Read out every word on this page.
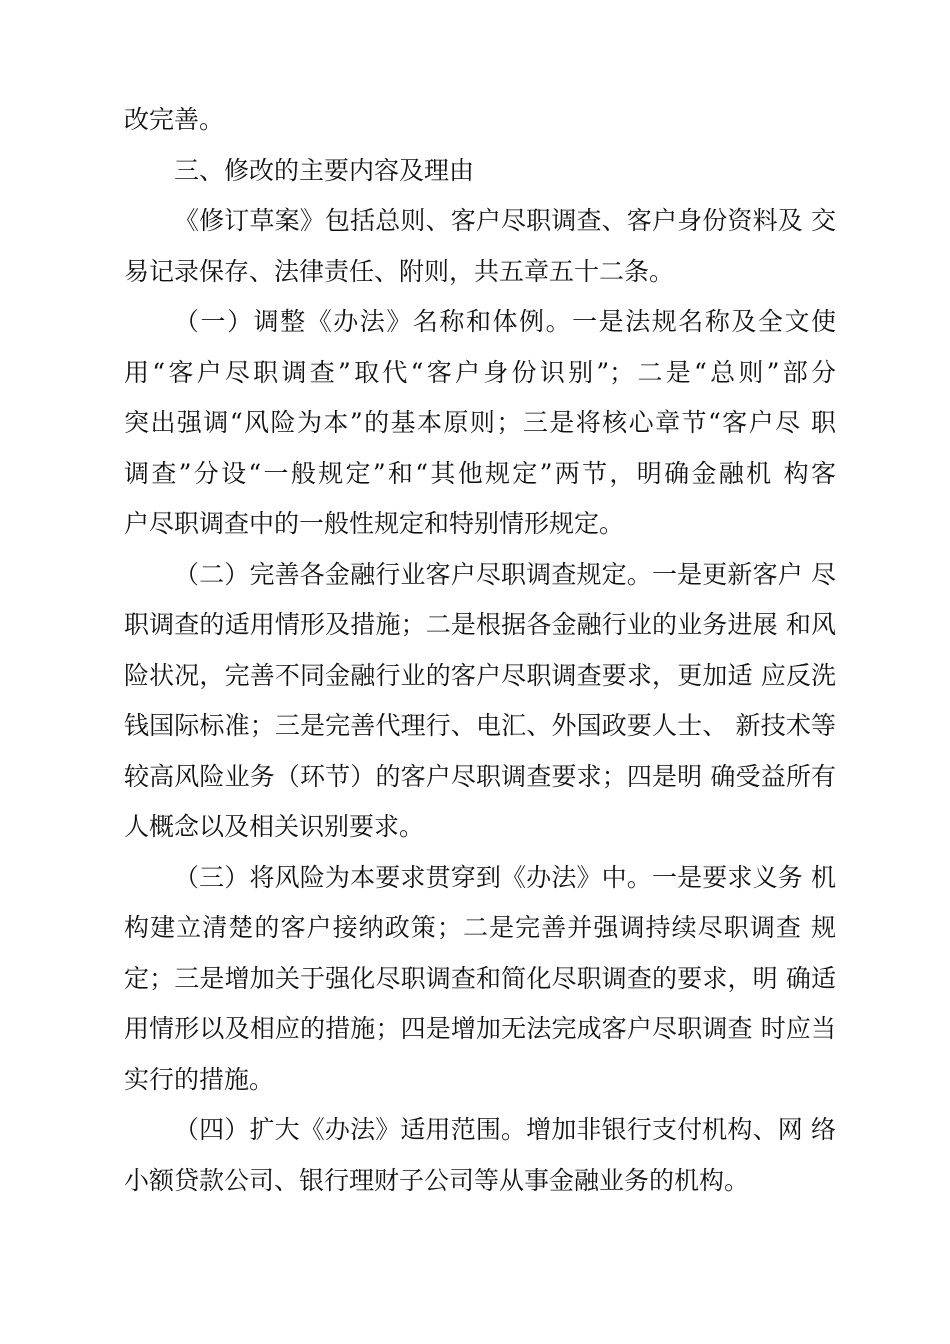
改完善。
三、修改的主要内容及理由
《修订草案》包括总则、客户尽职调查、客户身份资料及 交
易记录保存、法律责任、附则，共五章五十二条。
（一）调整《办法》名称和体例。一是法规名称及全文使
用“客户尽职调查”取代“客户身份识别”；二是“总则”部分
突出强调“风险为本”的基本原则；三是将核心章节“客户尽 职
调查”分设“一般规定”和“其他规定”两节，明确金融机 构客
户尽职调查中的一般性规定和特别情形规定。
（二）完善各金融行业客户尽职调查规定。一是更新客户 尽
职调查的适用情形及措施；二是根据各金融行业的业务进展 和风
险状况，完善不同金融行业的客户尽职调查要求，更加适 应反洗
钱国际标准；三是完善代理行、电汇、外国政要人士、 新技术等
较高风险业务（环节）的客户尽职调查要求；四是明 确受益所有
人概念以及相关识别要求。
（三）将风险为本要求贯穿到《办法》中。一是要求义务 机
构建立清楚的客户接纳政策；二是完善并强调持续尽职调查 规
定；三是增加关于强化尽职调查和简化尽职调查的要求，明 确适
用情形以及相应的措施；四是增加无法完成客户尽职调查 时应当
实行的措施。
（四）扩大《办法》适用范围。增加非银行支付机构、网 络
小额贷款公司、银行理财子公司等从事金融业务的机构。
